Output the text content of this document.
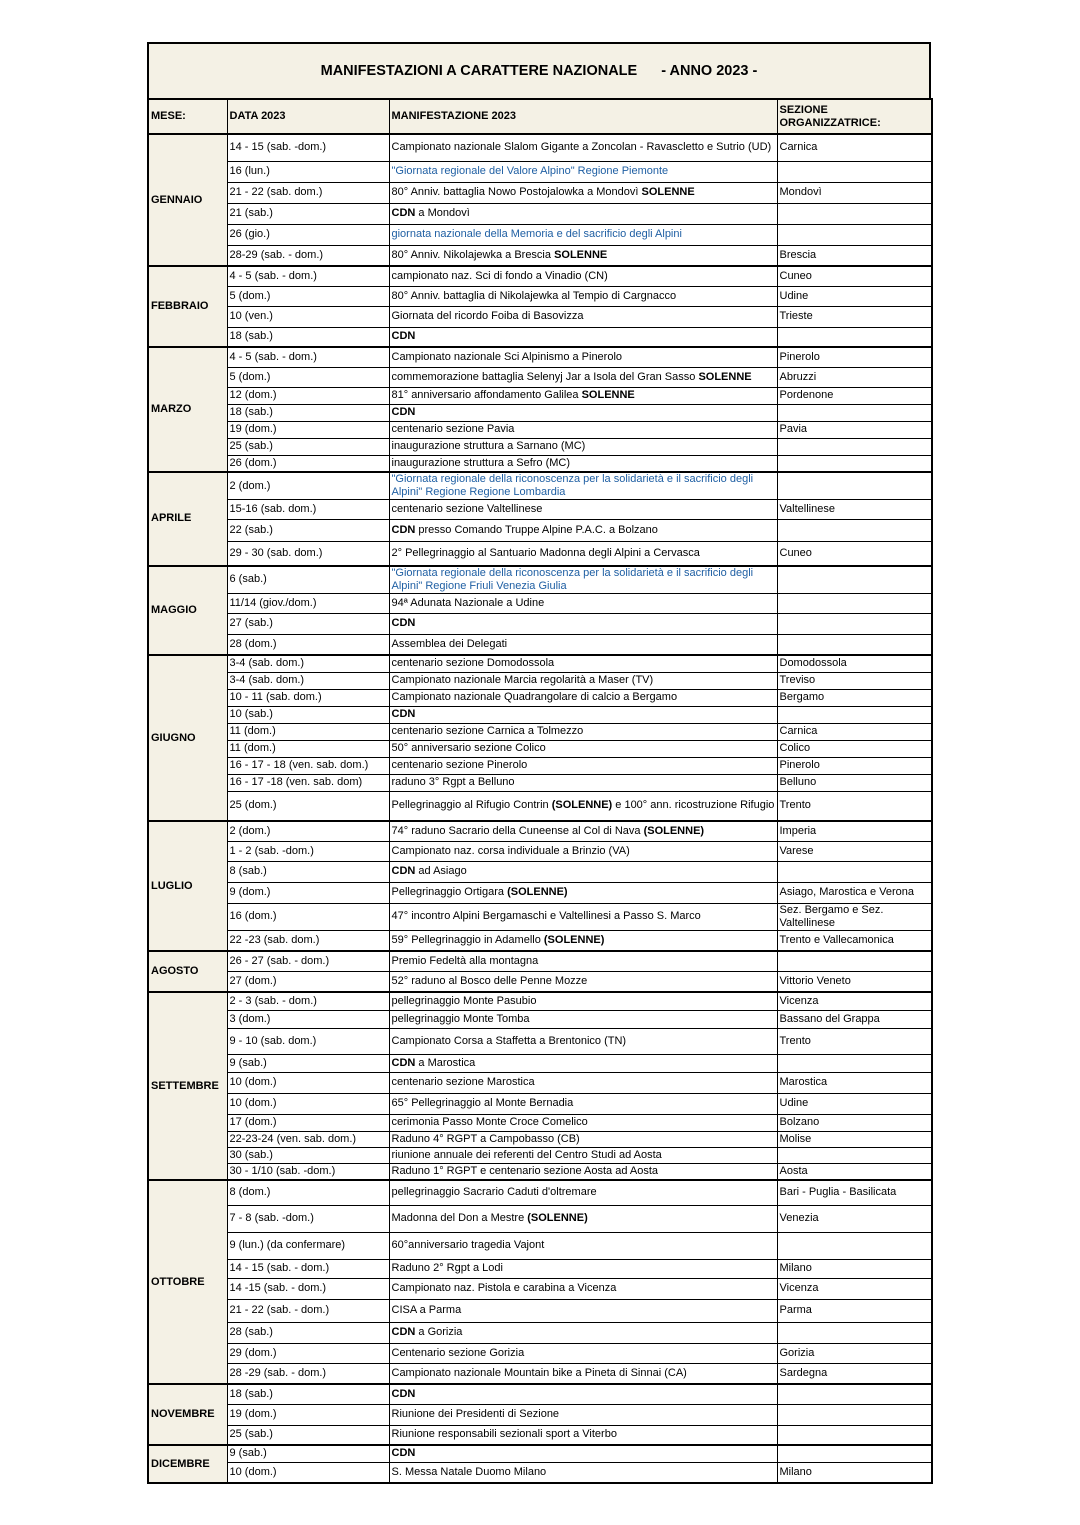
MANIFESTAZIONI A CARATTERE NAZIONALE - ANNO 2023 -
MESE:	DATA 2023	MANIFESTAZIONE 2023	SEZIONE ORGANIZZATRICE:
GENNAIO	14 - 15 (sab. -dom.)	Campionato nazionale Slalom Gigante a Zoncolan - Ravascletto e Sutrio (UD)	Carnica
	16 (lun.)	"Giornata regionale del Valore Alpino" Regione Piemonte	
	21 - 22 (sab. dom.)	80° Anniv. battaglia Nowo Postojalowka a Mondovì SOLENNE	Mondovì
	21 (sab.)	CDN a Mondovì	
	26 (gio.)	giornata nazionale della Memoria e del sacrificio degli Alpini	
	28-29 (sab. - dom.)	80° Anniv. Nikolajewka a Brescia SOLENNE	Brescia
FEBBRAIO	4 - 5 (sab. - dom.)	campionato naz. Sci di fondo a Vinadio (CN)	Cuneo
	5 (dom.)	80° Anniv. battaglia di Nikolajewka al Tempio di Cargnacco	Udine
	10 (ven.)	Giornata del ricordo Foiba di Basovizza	Trieste
	18 (sab.)	CDN	
MARZO	4 - 5 (sab. - dom.)	Campionato nazionale Sci Alpinismo a Pinerolo	Pinerolo
	5 (dom.)	commemorazione battaglia Selenyj Jar a Isola del Gran Sasso SOLENNE	Abruzzi
	12 (dom.)	81° anniversario affondamento Galilea SOLENNE	Pordenone
	18 (sab.)	CDN	
	19 (dom.)	centenario sezione Pavia	Pavia
	25 (sab.)	inaugurazione struttura a Sarnano (MC)	
	26 (dom.)	inaugurazione struttura a Sefro (MC)	
APRILE	2 (dom.)	"Giornata regionale della riconoscenza per la solidarietà e il sacrificio degli Alpini" Regione Regione Lombardia	
	15-16 (sab. dom.)	centenario sezione Valtellinese	Valtellinese
	22 (sab.)	CDN presso Comando Truppe Alpine P.A.C. a Bolzano	
	29 - 30 (sab. dom.)	2° Pellegrinaggio al Santuario Madonna degli Alpini a Cervasca	Cuneo
MAGGIO	6 (sab.)	"Giornata regionale della riconoscenza per la solidarietà e il sacrificio degli Alpini" Regione Friuli Venezia Giulia	
	11/14 (giov./dom.)	94ª Adunata Nazionale a Udine	
	27 (sab.)	CDN	
	28 (dom.)	Assemblea dei Delegati	
GIUGNO	3-4 (sab. dom.)	centenario sezione Domodossola	Domodossola
	3-4 (sab. dom.)	Campionato nazionale Marcia regolarità a Maser (TV)	Treviso
	10 - 11 (sab. dom.)	Campionato nazionale Quadrangolare di calcio a Bergamo	Bergamo
	10 (sab.)	CDN	
	11 (dom.)	centenario sezione Carnica a Tolmezzo	Carnica
	11 (dom.)	50° anniversario sezione Colico	Colico
	16 - 17 - 18 (ven. sab. dom.)	centenario sezione Pinerolo	Pinerolo
	16 - 17 -18 (ven. sab. dom)	raduno 3° Rgpt a Belluno	Belluno
	25 (dom.)	Pellegrinaggio al Rifugio Contrin (SOLENNE) e 100° ann. ricostruzione Rifugio	Trento
LUGLIO	2 (dom.)	74° raduno Sacrario della Cuneense al Col di Nava (SOLENNE)	Imperia
	1 - 2 (sab. -dom.)	Campionato naz. corsa individuale a Brinzio (VA)	Varese
	8 (sab.)	CDN ad Asiago	
	9 (dom.)	Pellegrinaggio Ortigara (SOLENNE)	Asiago, Marostica e Verona
	16 (dom.)	47° incontro Alpini Bergamaschi e Valtellinesi a Passo S. Marco	Sez. Bergamo e Sez. Valtellinese
	22 -23 (sab. dom.)	59° Pellegrinaggio in Adamello (SOLENNE)	Trento e Vallecamonica
AGOSTO	26 - 27 (sab. - dom.)	Premio Fedeltà alla montagna	
	27 (dom.)	52° raduno al Bosco delle Penne Mozze	Vittorio Veneto
SETTEMBRE	2 - 3 (sab. - dom.)	pellegrinaggio Monte Pasubio	Vicenza
	3 (dom.)	pellegrinaggio Monte Tomba	Bassano del Grappa
	9 - 10 (sab. dom.)	Campionato Corsa a Staffetta a Brentonico (TN)	Trento
	9 (sab.)	CDN a Marostica	
	10 (dom.)	centenario sezione Marostica	Marostica
	10 (dom.)	65° Pellegrinaggio al Monte Bernadia	Udine
	17 (dom.)	cerimonia Passo Monte Croce Comelico	Bolzano
	22-23-24 (ven. sab. dom.)	Raduno 4° RGPT a Campobasso (CB)	Molise
	30 (sab.)	riunione annuale dei referenti del Centro Studi ad Aosta	
	30 - 1/10 (sab. -dom.)	Raduno 1° RGPT e centenario sezione Aosta ad Aosta	Aosta
OTTOBRE	8 (dom.)	pellegrinaggio Sacrario Caduti d'oltremare	Bari - Puglia - Basilicata
	7 - 8 (sab. -dom.)	Madonna del Don a Mestre (SOLENNE)	Venezia
	9 (lun.) (da confermare)	60°anniversario tragedia Vajont	
	14 - 15 (sab. - dom.)	Raduno 2° Rgpt a Lodi	Milano
	14 -15 (sab. - dom.)	Campionato naz. Pistola e carabina a Vicenza	Vicenza
	21 - 22 (sab. - dom.)	CISA a Parma	Parma
	28 (sab.)	CDN a Gorizia	
	29 (dom.)	Centenario sezione Gorizia	Gorizia
	28 -29 (sab. - dom.)	Campionato nazionale Mountain bike a Pineta di Sinnai (CA)	Sardegna
NOVEMBRE	18 (sab.)	CDN	
	19 (dom.)	Riunione dei Presidenti di Sezione	
	25 (sab.)	Riunione responsabili sezionali sport a Viterbo	
DICEMBRE	9 (sab.)	CDN	
	10 (dom.)	S. Messa Natale Duomo Milano	Milano
